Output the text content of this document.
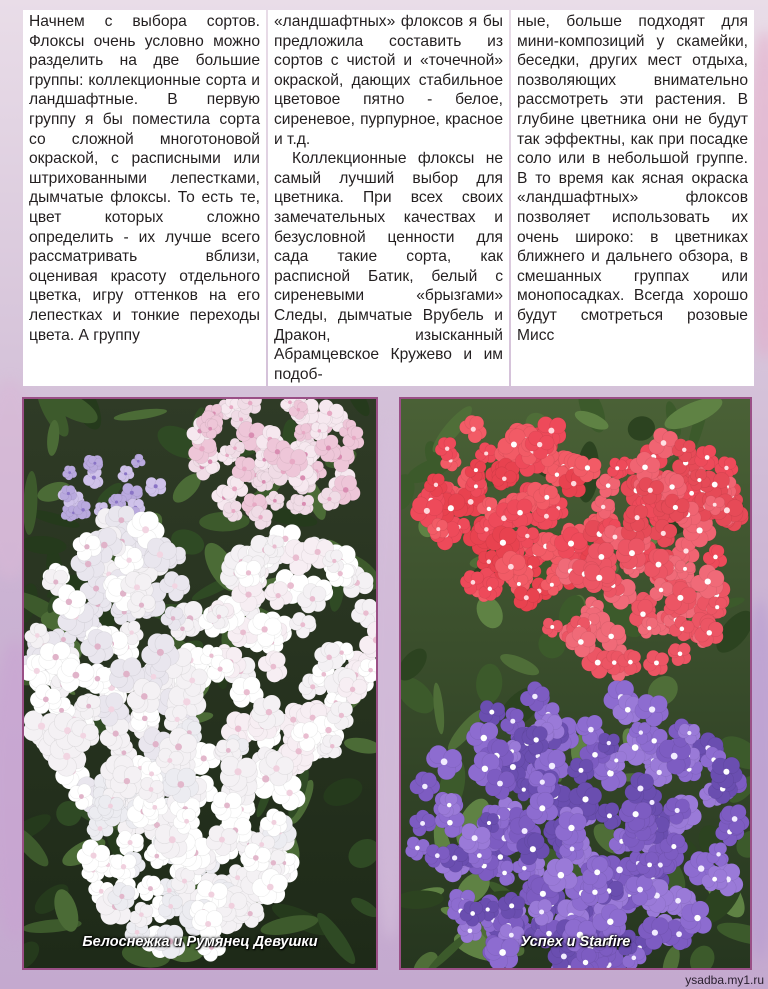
Начнем с выбора сортов. Флоксы очень условно можно разделить на две большие группы: коллекционные сорта и ландшафтные. В первую группу я бы поместила сорта со сложной многотоновой окраской, с расписными или штрихованными лепестками, дымчатые флоксы. То есть те, цвет которых сложно определить - их лучше всего рассматривать вблизи, оценивая красоту отдельного цветка, игру оттенков на его лепестках и тонкие переходы цвета. А группу

«ландшафтных» флоксов я бы предложила составить из сортов с чистой и «точечной» окраской, дающих стабильное цветовое пятно - белое, сиреневое, пурпурное, красное и т.д.

Коллекционные флоксы не самый лучший выбор для цветника. При всех своих замечательных качествах и безусловной ценности для сада такие сорта, как расписной Батик, белый с сиреневыми «брызгами» Следы, дымчатые Врубель и Дракон, изысканный Абрамцевское Кружево и им подоб-

ные, больше подходят для мини-композиций у скамейки, беседки, других мест отдыха, позволяющих внимательно рассмотреть эти растения. В глубине цветника они не будут так эффектны, как при посадке соло или в небольшой группе. В то время как ясная окраска «ландшафтных» флоксов позволяет использовать их очень широко: в цветниках ближнего и дальнего обзора, в смешанных группах или монопосадках. Всегда хорошо будут смотреться розовые Мисс

Белоснежка и Румянец Девушки	Успех и Starfire
ysadba.my1.ru
